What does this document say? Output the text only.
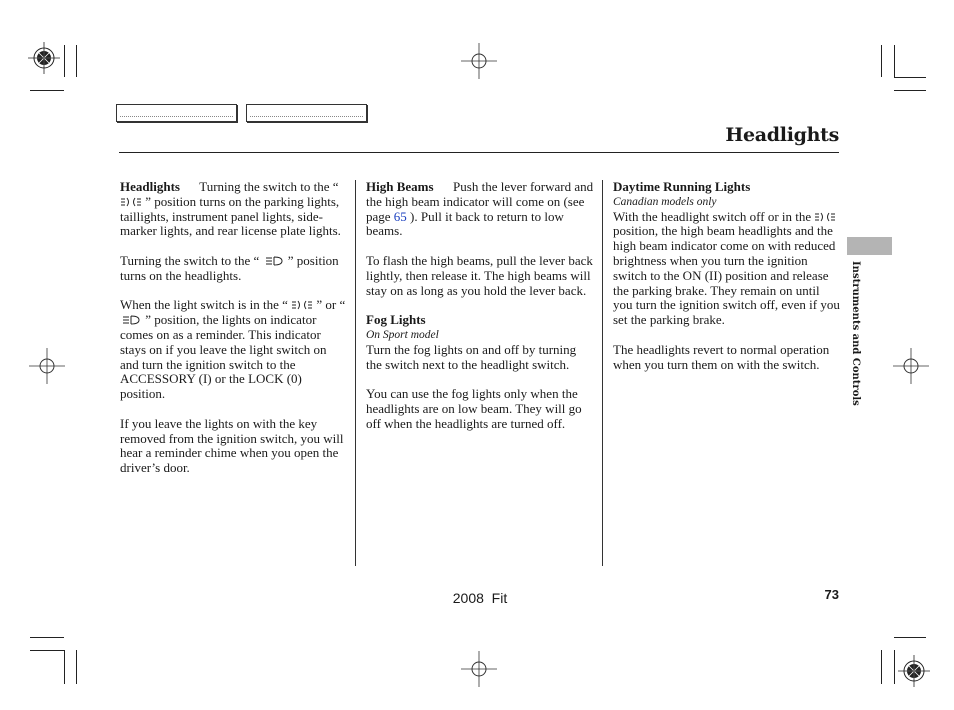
Headlights
Instruments and Controls

Headlights Turning the switch to the “  ” position turns on the parking lights, taillights, instrument panel lights, side-marker lights, and rear license plate lights.

Turning the switch to the “ ” position turns on the headlights.

When the light switch is in the “ ” or “  ” position, the lights on indicator comes on as a reminder. This indicator stays on if you leave the light switch on and turn the ignition switch to the ACCESSORY (I) or the LOCK (0) position.

If you leave the lights on with the key removed from the ignition switch, you will hear a reminder chime when you open the driver’s door.

High Beams Push the lever forward and the high beam indicator will come on (see page 65 ). Pull it back to return to low beams.

To flash the high beams, pull the lever back lightly, then release it. The high beams will stay on as long as you hold the lever back.

Fog Lights
On Sport model
Turn the fog lights on and off by turning the switch next to the headlight switch.

You can use the fog lights only when the headlights are on low beam. They will go off when the headlights are turned off.

Daytime Running Lights
Canadian models only
With the headlight switch off or in the  position, the high beam headlights and the high beam indicator come on with reduced brightness when you turn the ignition switch to the ON (II) position and release the parking brake. They remain on until you turn the ignition switch off, even if you set the parking brake.

The headlights revert to normal operation when you turn them on with the switch.

2008  Fit	73
